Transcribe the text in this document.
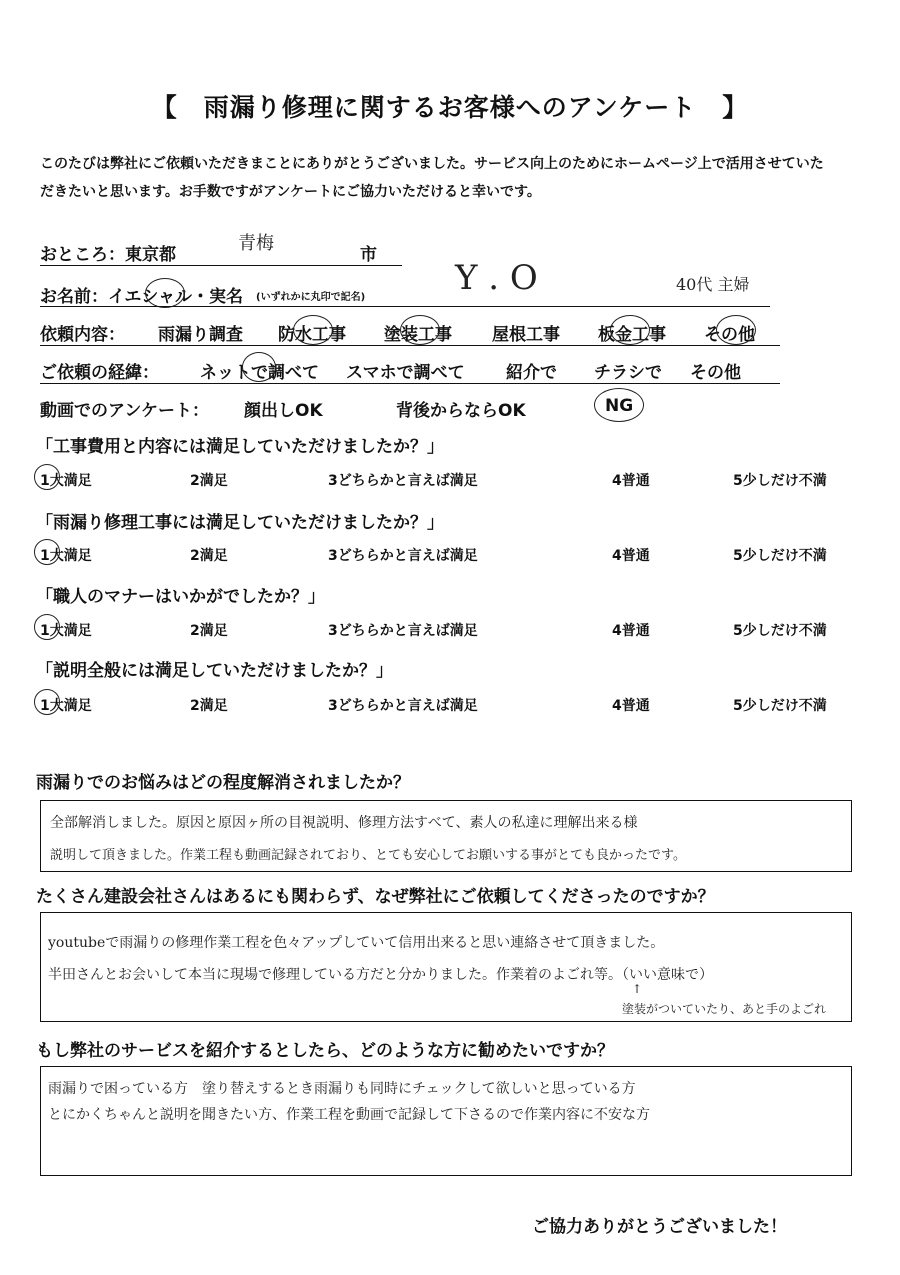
【　雨漏り修理に関するお客様へのアンケート　】
このたびは弊社にご依頼いただきまことにありがとうございました。サービス向上のためにホームページ上で活用させていた
だきたいと思います。お手数ですがアンケートにご協力いただけると幸いです。
おところ：東京都
青梅
市
お名前：イエシャル・実名 (いずれかに丸印で記名)	Y . O	40代 主婦
依頼内容： 雨漏り調査 防水工事 塗装工事 屋根工事 板金工事 その他
ご依頼の経緯： ネットで調べて スマホで調べて 紹介で チラシで その他
動画でのアンケート： 顔出しOK	背後からならOK	NG
「工事費用と内容には満足していただけましたか？」
1大満足	2満足	3どちらかと言えば満足	4普通	5少しだけ不満
「雨漏り修理工事には満足していただけましたか？」
1大満足	2満足	3どちらかと言えば満足	4普通	5少しだけ不満
「職人のマナーはいかがでしたか？」
1大満足	2満足	3どちらかと言えば満足	4普通	5少しだけ不満
「説明全般には満足していただけましたか？」
1大満足	2満足	3どちらかと言えば満足	4普通	5少しだけ不満
雨漏りでのお悩みはどの程度解消されましたか？
全部解消しました。原因と原因ヶ所の目視説明、修理方法すべて、素人の私達に理解出来る様
説明して頂きました。作業工程も動画記録されており、とても安心してお願いする事がとても良かったです。
たくさん建設会社さんはあるにも関わらず、なぜ弊社にご依頼してくださったのですか？
youtubeで雨漏りの修理作業工程を色々アップしていて信用出来ると思い連絡させて頂きました。
半田さんとお会いして本当に現場で修理している方だと分かりました。作業着のよごれ等。（いい意味で）
↑
塗装がついていたり、あと手のよごれ
もし弊社のサービスを紹介するとしたら、どのような方に勧めたいですか？
雨漏りで困っている方　塗り替えするとき雨漏りも同時にチェックして欲しいと思っている方
とにかくちゃんと説明を聞きたい方、作業工程を動画で記録して下さるので作業内容に不安な方
ご協力ありがとうございました！
